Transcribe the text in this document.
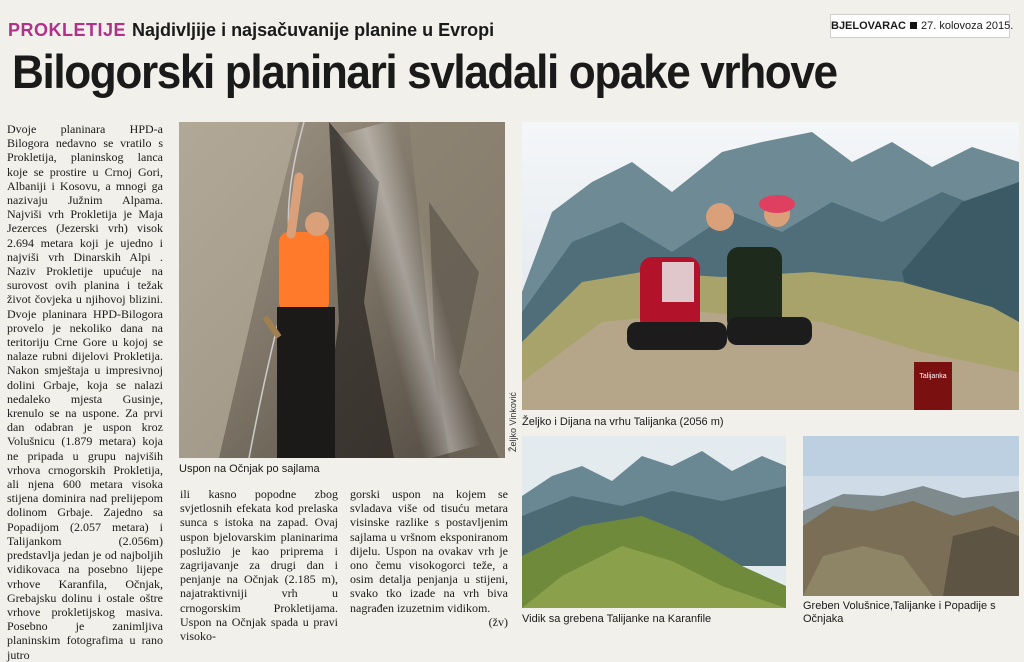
PROKLETIJE Najdivljije i najsačuvanije planine u Evropi	BJELOVARAC 27. kolovoza 2015.
Bilogorski planinari svladali opake vrhove
Dvoje planinara HPD-a Bilogora nedavno se vratilo s Prokletija, planinskog lanca koje se prostire u Crnoj Gori, Albaniji i Kosovu, a mnogi ga nazivaju Južnim Alpama. Najviši vrh Prokletija je Maja Jezerces (Jezerski vrh) visok 2.694 metara koji je ujedno i najviši vrh Dinarskih Alpi . Naziv Prokletije upućuje na surovost ovih planina i težak život čovjeka u njihovoj blizini. Dvoje planinara HPD-Bilogora provelo je nekoliko dana na teritoriju Crne Gore u kojoj se nalaze rubni dijelovi Prokletija. Nakon smještaja u impresivnoj dolini Grbaje, koja se nalazi nedaleko mjesta Gusinje, krenulo se na uspone. Za prvi dan odabran je uspon kroz Volušnicu (1.879 metara) koja ne pripada u grupu najviših vrhova crnogorskih Prokletija, ali njena 600 metara visoka stijena dominira nad prelijepom dolinom Grbaje. Zajedno sa Popadijom (2.057 metara) i Talijankom (2.056m) predstavlja jedan je od najboljih vidikovaca na posebno lijepe vrhove Karanfila, Očnjak, Grebajsku dolinu i ostale oštre vrhove prokletijskog masiva. Posebno je zanimljiva planinskim fotografima u rano jutro
ili kasno popodne zbog svjetlosnih efekata kod prelaska sunca s istoka na zapad. Ovaj uspon bjelovarskim planinarima poslužio je kao priprema i zagrijavanje za drugi dan i penjanje na Očnjak (2.185 m), najatraktivniji vrh u crnogorskim Prokletijama. Uspon na Očnjak spada u pravi visoko-
gorski uspon na kojem se svladava više od tisuću metara visinske razlike s postavljenim sajlama u vršnom eksponiranom dijelu. Uspon na ovakav vrh je ono čemu visokogorci teže, a osim detalja penjanja u stijeni, svako tko izade na vrh biva nagrađen izuzetnim vidikom.
(žv)
Željko Vinković
Uspon na Očnjak po sajlama
Talijanka
Željko i Dijana na vrhu Talijanka (2056 m)
Vidik sa grebena Talijanke na Karanfile
Greben Volušnice,Talijanke i Popadije s Očnjaka
